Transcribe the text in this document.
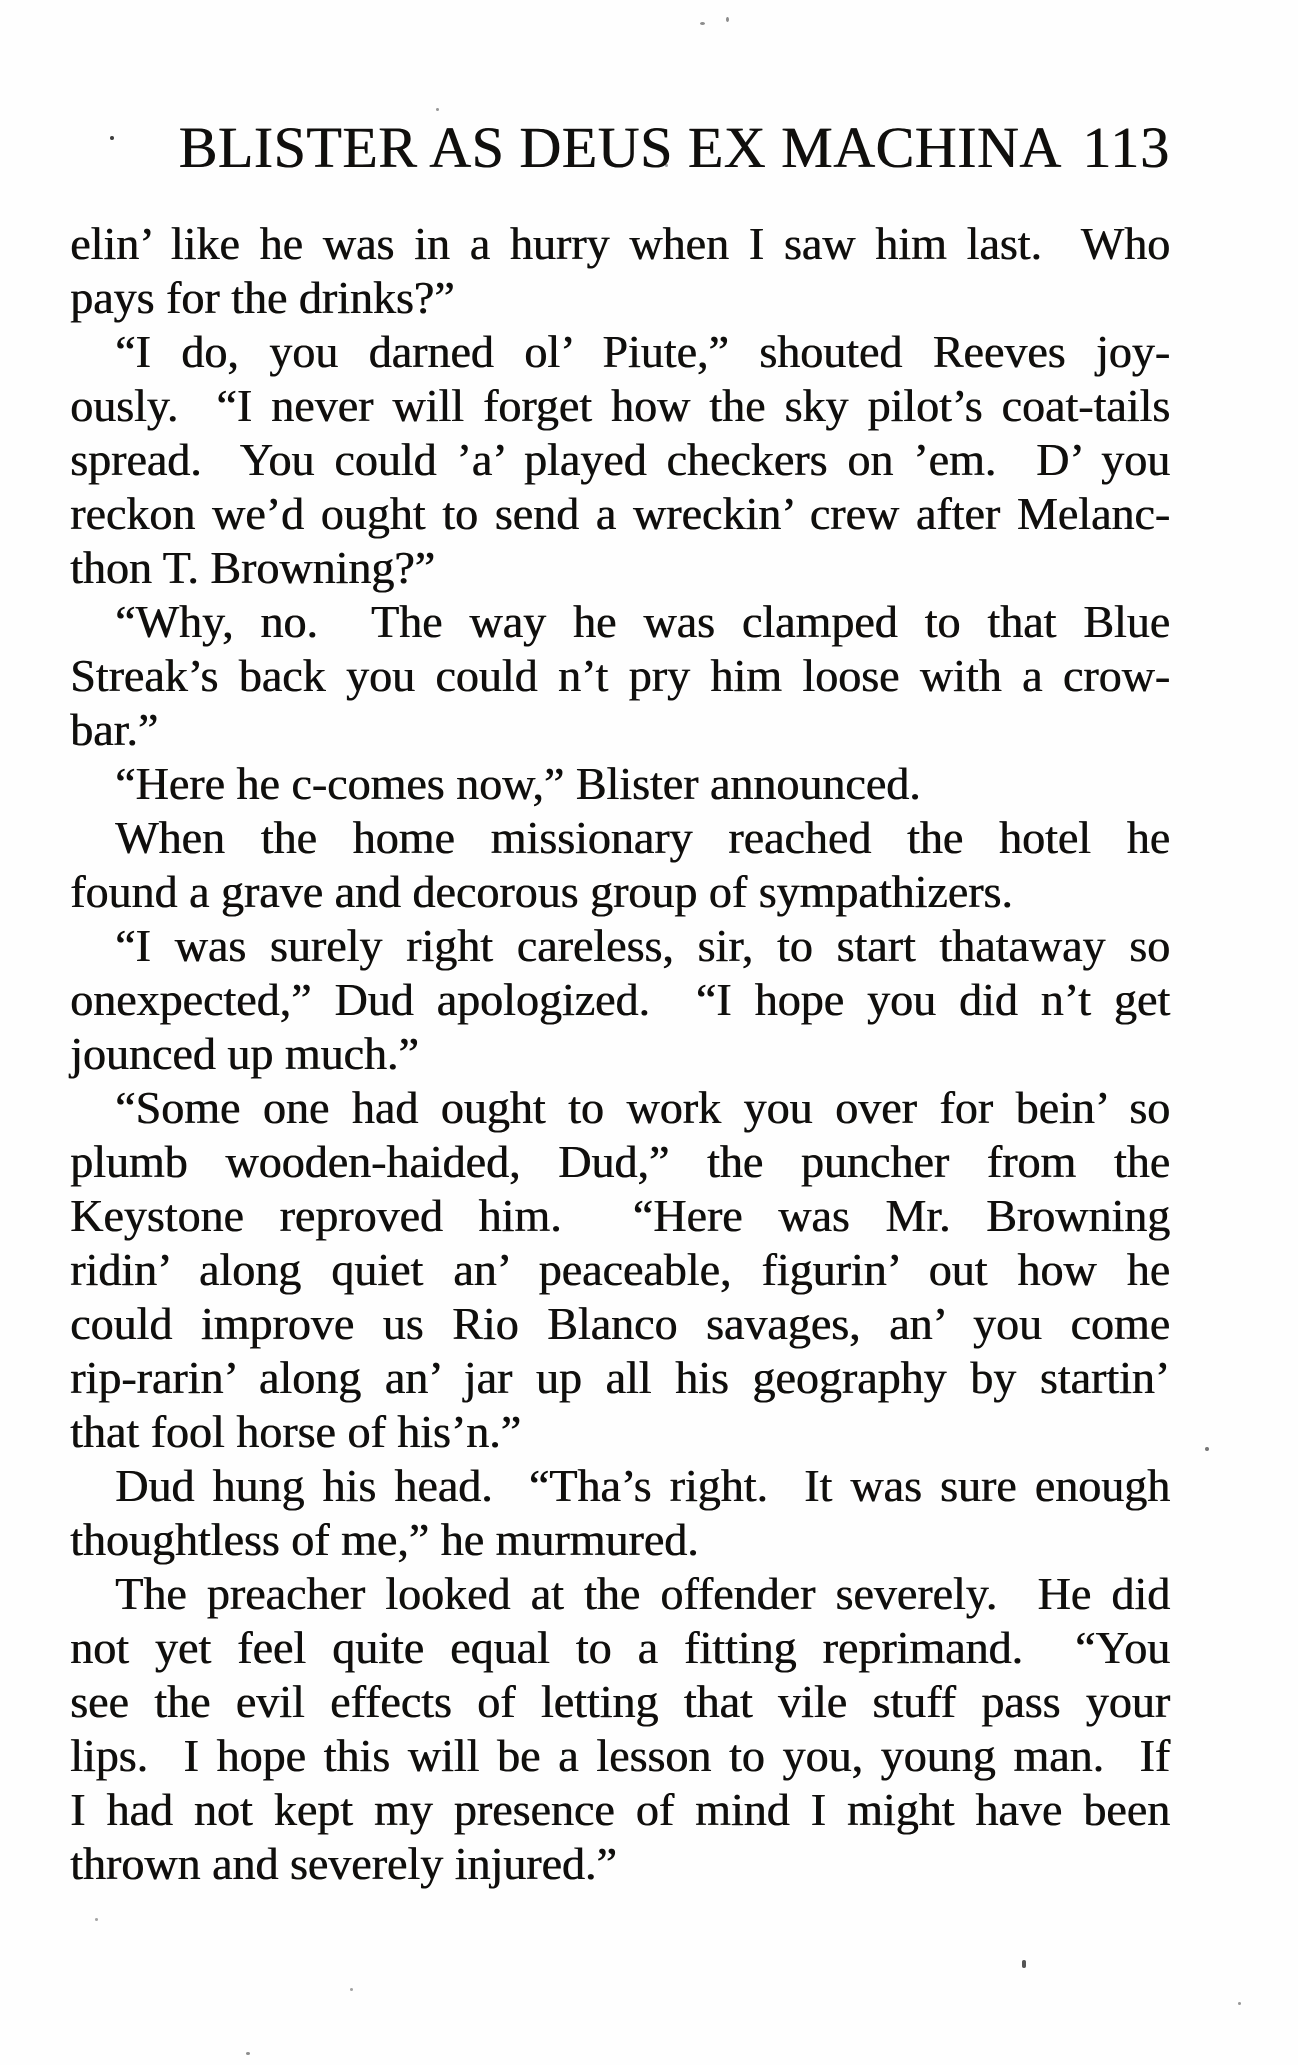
BLISTER AS DEUS EX MACHINA 113

elin’ like he was in a hurry when I saw him last.  Who
pays for the drinks?”

“I do, you darned ol’ Piute,” shouted Reeves joy-
ously.  “I never will forget how the sky pilot’s coat-tails
spread.  You could ’a’ played checkers on ’em.  D’ you
reckon we’d ought to send a wreckin’ crew after Melanc-
thon T. Browning?”

“Why, no.  The way he was clamped to that Blue
Streak’s back you could n’t pry him loose with a crow-
bar.”

“Here he c-comes now,” Blister announced.

When the home missionary reached the hotel he
found a grave and decorous group of sympathizers.

“I was surely right careless, sir, to start thataway so
onexpected,” Dud apologized.  “I hope you did n’t get
jounced up much.”

“Some one had ought to work you over for bein’ so
plumb wooden-haided, Dud,” the puncher from the
Keystone reproved him.  “Here was Mr. Browning
ridin’ along quiet an’ peaceable, figurin’ out how he
could improve us Rio Blanco savages, an’ you come
rip-rarin’ along an’ jar up all his geography by startin’
that fool horse of his’n.”

Dud hung his head.  “Tha’s right.  It was sure enough
thoughtless of me,” he murmured.

The preacher looked at the offender severely.  He did
not yet feel quite equal to a fitting reprimand.  “You
see the evil effects of letting that vile stuff pass your
lips.  I hope this will be a lesson to you, young man.  If
I had not kept my presence of mind I might have been
thrown and severely injured.”
